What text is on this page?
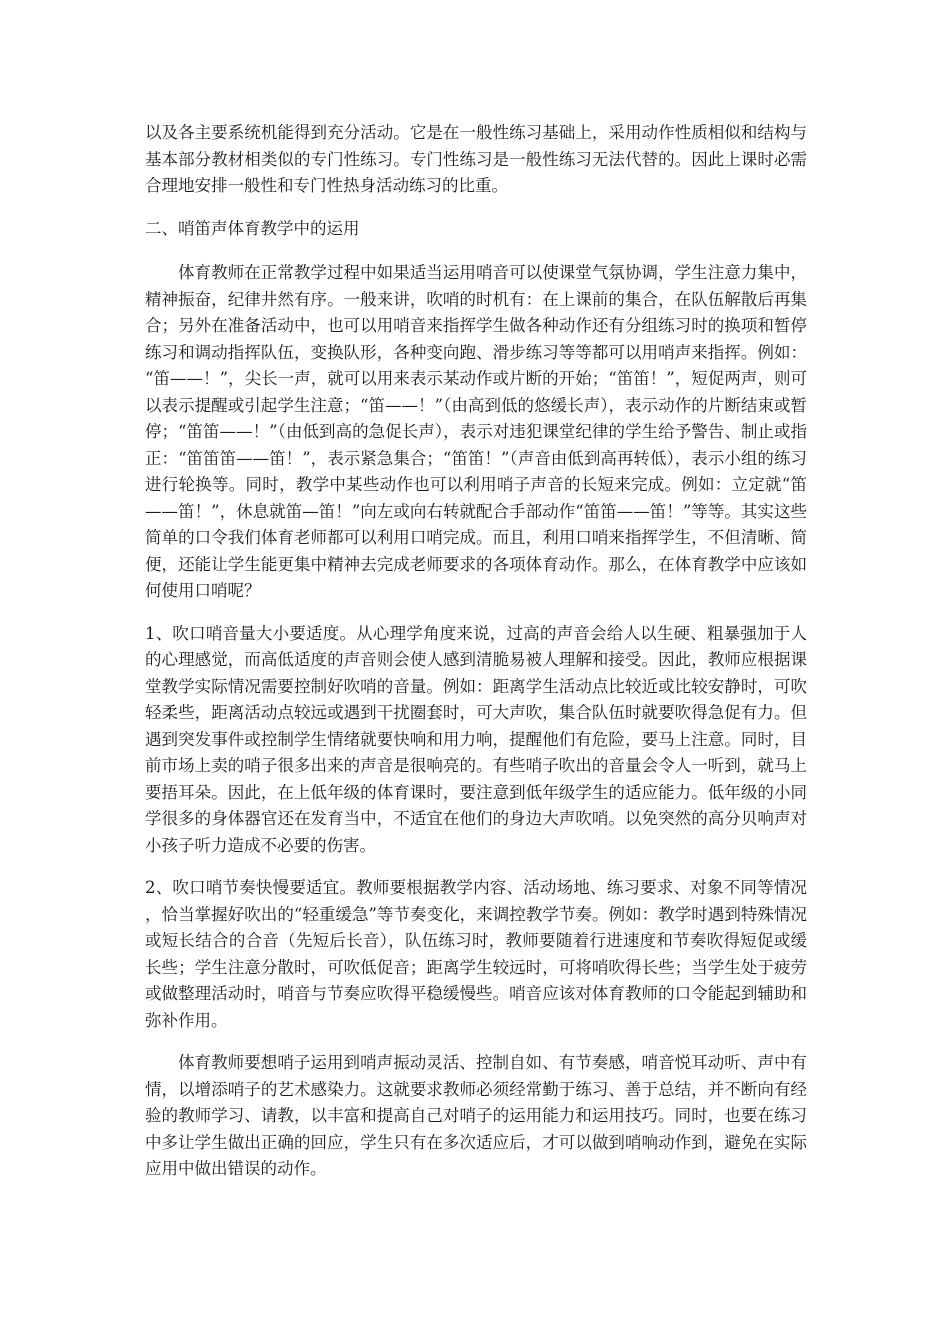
以及各主要系统机能得到充分活动。它是在一般性练习基础上，采用动作性质相似和结构与基本部分教材相类似的专门性练习。专门性练习是一般性练习无法代替的。因此上课时必需合理地安排一般性和专门性热身活动练习的比重。

二、哨笛声体育教学中的运用

体育教师在正常教学过程中如果适当运用哨音可以使课堂气氛协调，学生注意力集中，精神振奋，纪律井然有序。一般来讲，吹哨的时机有：在上课前的集合，在队伍解散后再集合；另外在准备活动中，也可以用哨音来指挥学生做各种动作还有分组练习时的换项和暂停练习和调动指挥队伍，变换队形，各种变向跑、滑步练习等等都可以用哨声来指挥。例如：“笛——！”，尖长一声，就可以用来表示某动作或片断的开始；“笛笛！”，短促两声，则可以表示提醒或引起学生注意；“笛——！”（由高到低的悠缓长声），表示动作的片断结束或暂停；“笛笛——！”（由低到高的急促长声），表示对违犯课堂纪律的学生给予警告、制止或指正：“笛笛笛——笛！”，表示紧急集合；“笛笛！”（声音由低到高再转低），表示小组的练习进行轮换等。同时，教学中某些动作也可以利用哨子声音的长短来完成。例如：立定就“笛——笛！”，休息就笛—笛！”向左或向右转就配合手部动作“笛笛——笛！”等等。其实这些简单的口令我们体育老师都可以利用口哨完成。而且，利用口哨来指挥学生，不但清晰、简便，还能让学生能更集中精神去完成老师要求的各项体育动作。那么，在体育教学中应该如何使用口哨呢？

1、吹口哨音量大小要适度。从心理学角度来说，过高的声音会给人以生硬、粗暴强加于人的心理感觉，而高低适度的声音则会使人感到清脆易被人理解和接受。因此，教师应根据课堂教学实际情况需要控制好吹哨的音量。例如：距离学生活动点比较近或比较安静时，可吹轻柔些，距离活动点较远或遇到干扰圈套时，可大声吹，集合队伍时就要吹得急促有力。但遇到突发事件或控制学生情绪就要快响和用力响，提醒他们有危险，要马上注意。同时，目前市场上卖的哨子很多出来的声音是很响亮的。有些哨子吹出的音量会令人一听到，就马上要捂耳朵。因此，在上低年级的体育课时，要注意到低年级学生的适应能力。低年级的小同学很多的身体器官还在发育当中，不适宜在他们的身边大声吹哨。以免突然的高分贝响声对小孩子听力造成不必要的伤害。

2、吹口哨节奏快慢要适宜。教师要根据教学内容、活动场地、练习要求、对象不同等情况，恰当掌握好吹出的“轻重缓急”等节奏变化，来调控教学节奏。例如：教学时遇到特殊情况或短长结合的合音（先短后长音），队伍练习时，教师要随着行进速度和节奏吹得短促或缓长些；学生注意分散时，可吹低促音；距离学生较远时，可将哨吹得长些；当学生处于疲劳或做整理活动时，哨音与节奏应吹得平稳缓慢些。哨音应该对体育教师的口令能起到辅助和弥补作用。

体育教师要想哨子运用到哨声振动灵活、控制自如、有节奏感，哨音悦耳动听、声中有情，以增添哨子的艺术感染力。这就要求教师必须经常勤于练习、善于总结，并不断向有经验的教师学习、请教，以丰富和提高自己对哨子的运用能力和运用技巧。同时，也要在练习中多让学生做出正确的回应，学生只有在多次适应后，才可以做到哨响动作到，避免在实际应用中做出错误的动作。
